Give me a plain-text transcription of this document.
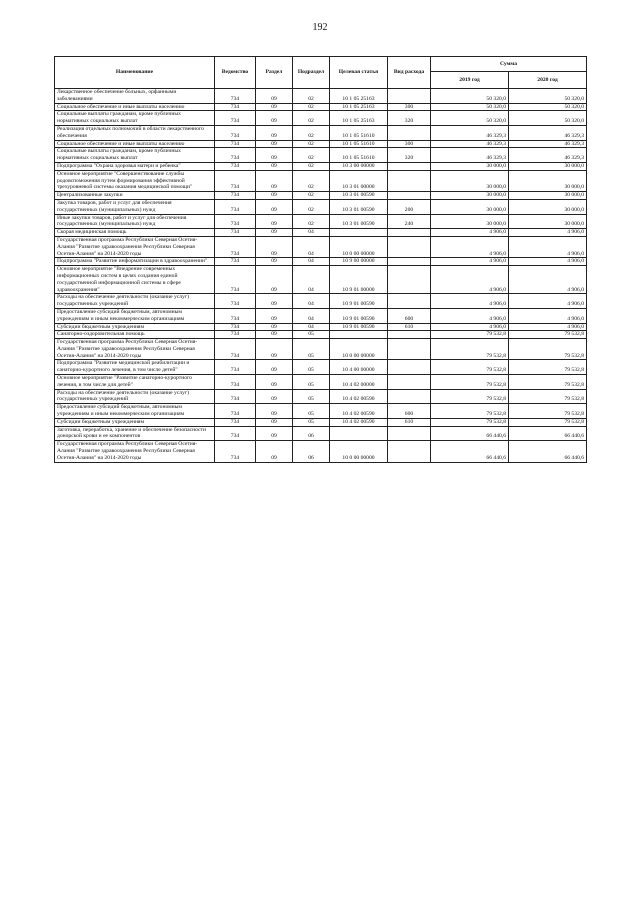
192
Наименование	Ведомство	Раздел	Подраздел	Целевая статья	Вид расхода	Сумма	
						2019 год	2020 год
Лекарственное обеспечение больных, орфанными заболеваниями	734	09	02	10 1 05 25163		50 320,0	50 320,0
Социальное обеспечение и иные выплаты населению	734	09	02	10 1 05 25163	300	50 320,0	50 320,0
Социальные выплаты гражданам, кроме публичных нормативных социальных выплат	734	09	02	10 1 05 25163	320	50 320,0	50 320,0
Реализация отдельных полномочий в области лекарственного обеспечения	734	09	02	10 1 05 51610		46 329,3	46 329,3
Социальное обеспечение и иные выплаты населению	734	09	02	10 1 05 51610	300	46 329,3	46 329,3
Социальные выплаты гражданам, кроме публичных нормативных социальных выплат	734	09	02	10 1 05 51610	320	46 329,3	46 329,3
Подпрограмма "Охрана здоровья матери и ребенка"	734	09	02	10 3 00 00000		30 000,0	30 000,0
Основное мероприятие "Совершенствование службы родовспоможения путем формирования эффективной трехуровневой системы оказания медицинской помощи"	734	09	02	10 3 01 00000		30 000,0	30 000,0
Централизованные закупки	734	09	02	10 3 01 00590		30 000,0	30 000,0
Закупка товаров, работ и услуг для обеспечения государственных (муниципальных) нужд	734	09	02	10 3 01 00590	200	30 000,0	30 000,0
Иные закупки товаров, работ и услуг для обеспечения государственных (муниципальных) нужд	734	09	02	10 3 01 00590	240	30 000,0	30 000,0
Скорая медицинская помощь	734	09	04			4 906,0	4 906,0
Государственная программа Республики Северная Осетия-Алания "Развитие здравоохранения Республики Северная Осетия-Алания" на 2014-2020 годы	734	09	04	10 0 00 00000		4 906,0	4 906,0
Подпрограмма "Развитие информатизации в здравоохранении"	734	09	04	10 9 00 00000		4 906,0	4 906,0
Основное мероприятие "Внедрение современных информационных систем в целях создания единой государственной информационной системы в сфере здравоохранения"	734	09	04	10 9 01 00000		4 906,0	4 906,0
Расходы на обеспечение деятельности (оказание услуг) государственных учреждений	734	09	04	10 9 01 00590		4 906,0	4 906,0
Предоставление субсидий бюджетным, автономным учреждениям и иным некоммерческим организациям	734	09	04	10 9 01 00590	600	4 906,0	4 906,0
Субсидии бюджетным учреждениям	734	09	04	10 9 01 00590	610	4 906,0	4 906,0
Санаторно-оздоровительная помощь	734	09	05			79 532,8	79 532,8
Государственная программа Республики Северная Осетия-Алания "Развитие здравоохранения Республики Северная Осетия-Алания" на 2014-2020 годы	734	09	05	10 0 00 00000		79 532,8	79 532,8
Подпрограмма "Развитие медицинской реабилитации и санаторно-курортного лечения, в том числе детей"	734	09	05	10 4 00 00000		79 532,8	79 532,8
Основное мероприятие "Развитие санаторно-курортного лечения, в том числе для детей"	734	09	05	10 4 02 00000		79 532,8	79 532,8
Расходы на обеспечение деятельности (оказание услуг) государственных учреждений	734	09	05	10 4 02 00590		79 532,8	79 532,8
Предоставление субсидий бюджетным, автономным учреждениям и иным некоммерческим организациям	734	09	05	10 4 02 00590	600	79 532,8	79 532,8
Субсидии бюджетным учреждениям	734	09	05	10 4 02 00590	610	79 532,8	79 532,8
Заготовка, переработка, хранение и обеспечение безопасности донорской крови и ее компонентов	734	09	06			66 440,6	66 440,6
Государственная программа Республики Северная Осетия-Алания "Развитие здравоохранения Республики Северная Осетия-Алания" на 2014-2020 годы	734	09	06	10 0 00 00000		66 440,6	66 440,6
